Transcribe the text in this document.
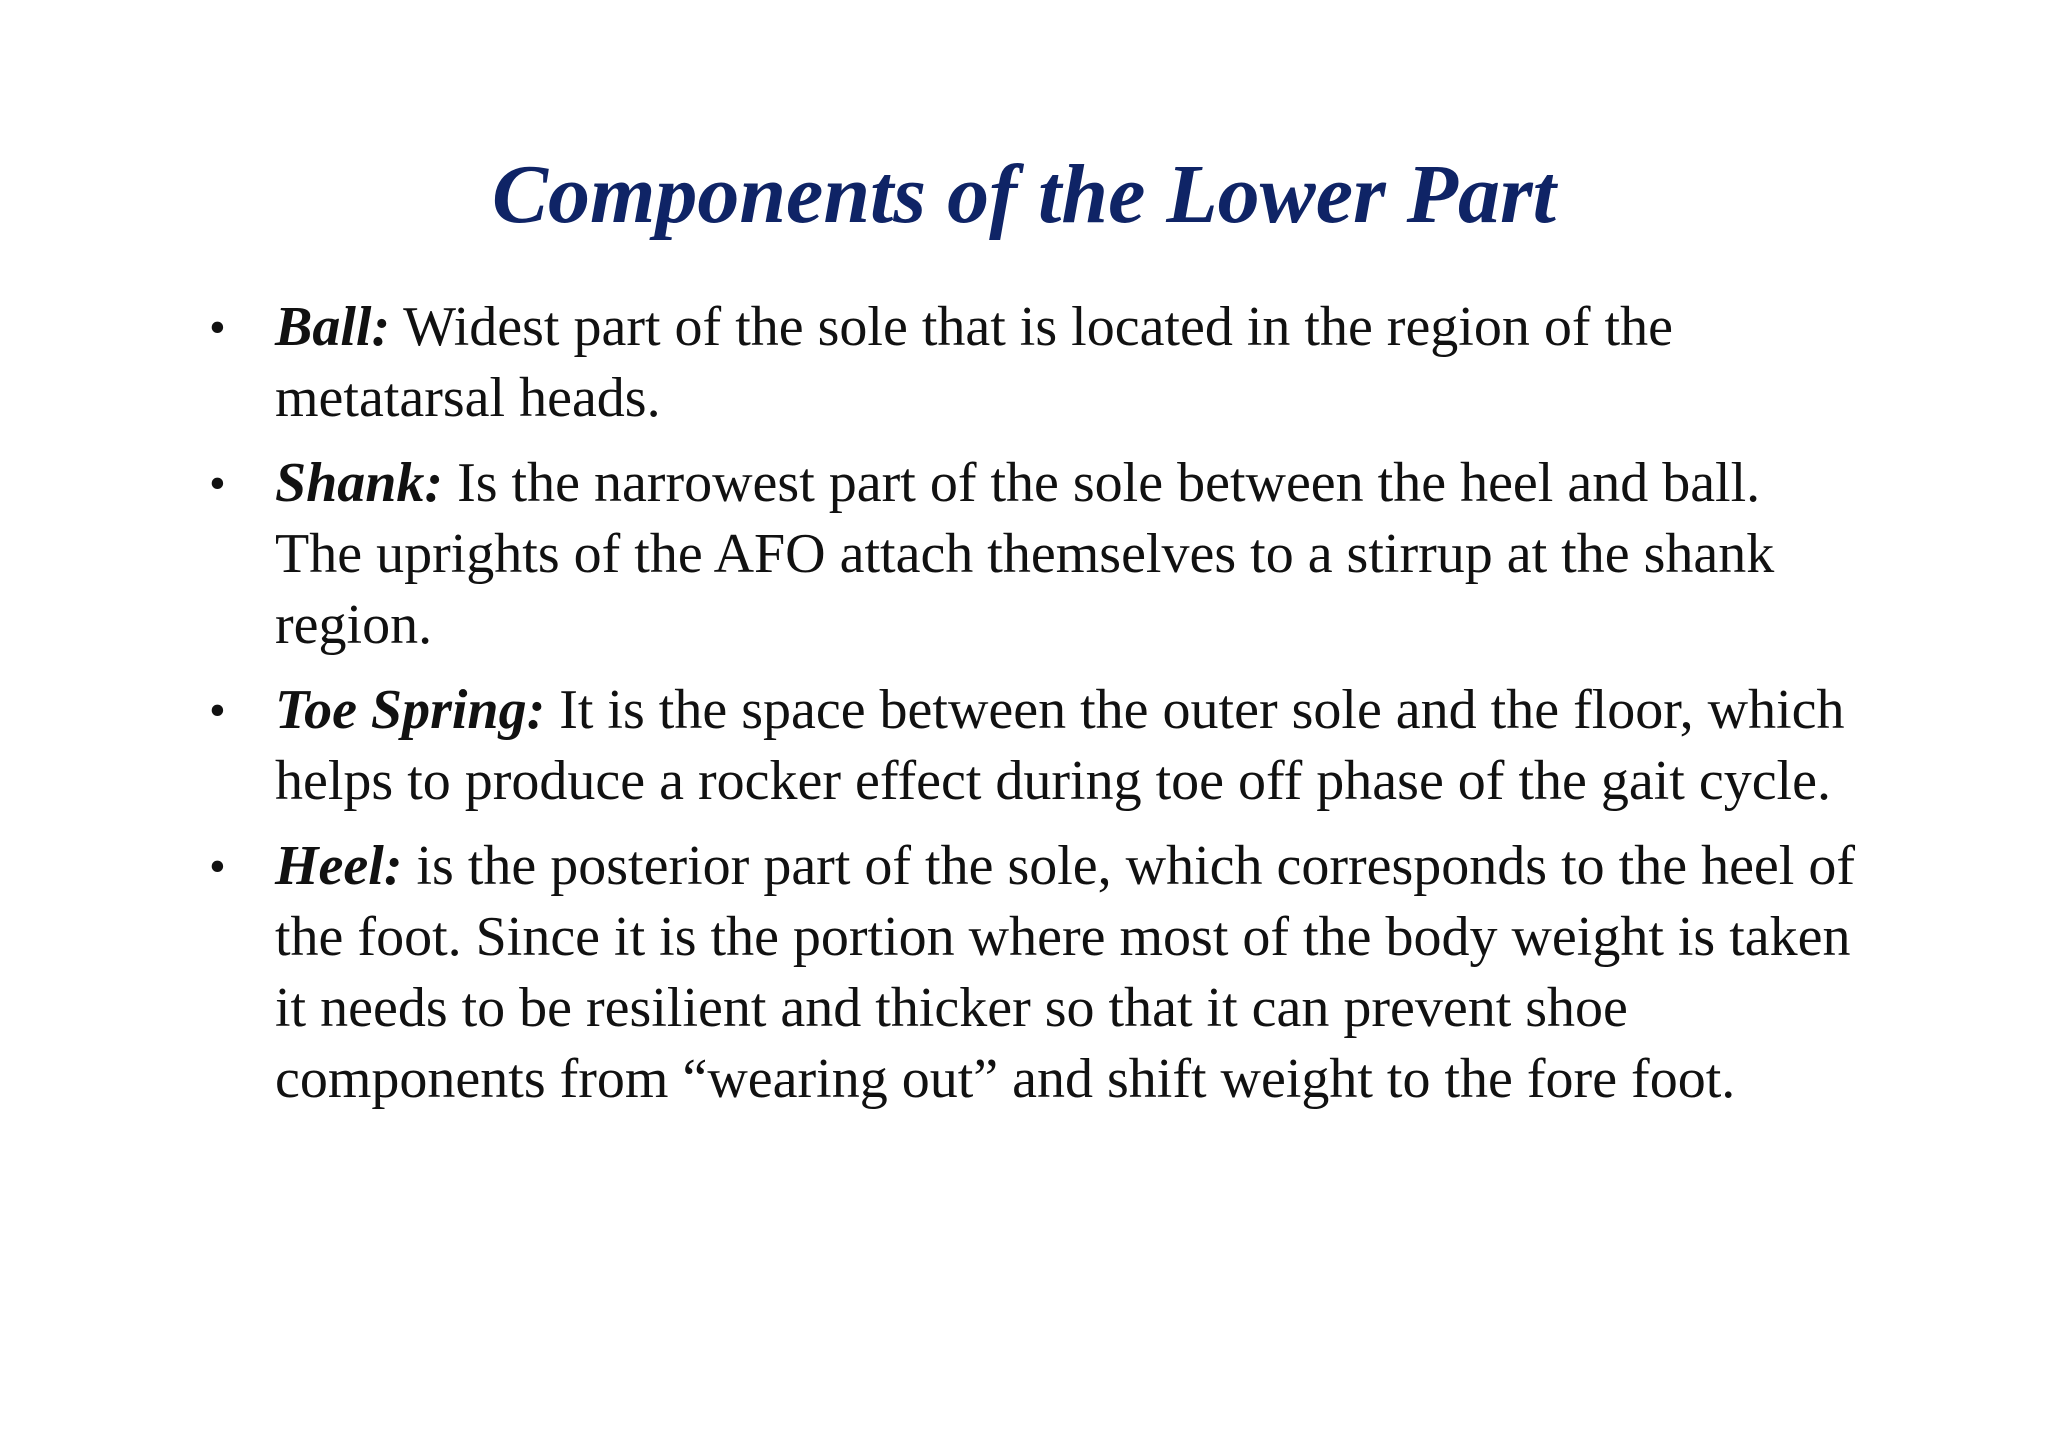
Components of the Lower Part
• Ball: Widest part of the sole that is located in the region of the metatarsal heads.
• Shank: Is the narrowest part of the sole between the heel and ball. The uprights of the AFO attach themselves to a stirrup at the shank region.
• Toe Spring: It is the space between the outer sole and the floor, which helps to produce a rocker effect during toe off phase of the gait cycle.
• Heel: is the posterior part of the sole, which corresponds to the heel of the foot. Since it is the portion where most of the body weight is taken it needs to be resilient and thicker so that it can prevent shoe components from “wearing out” and shift weight to the fore foot.
